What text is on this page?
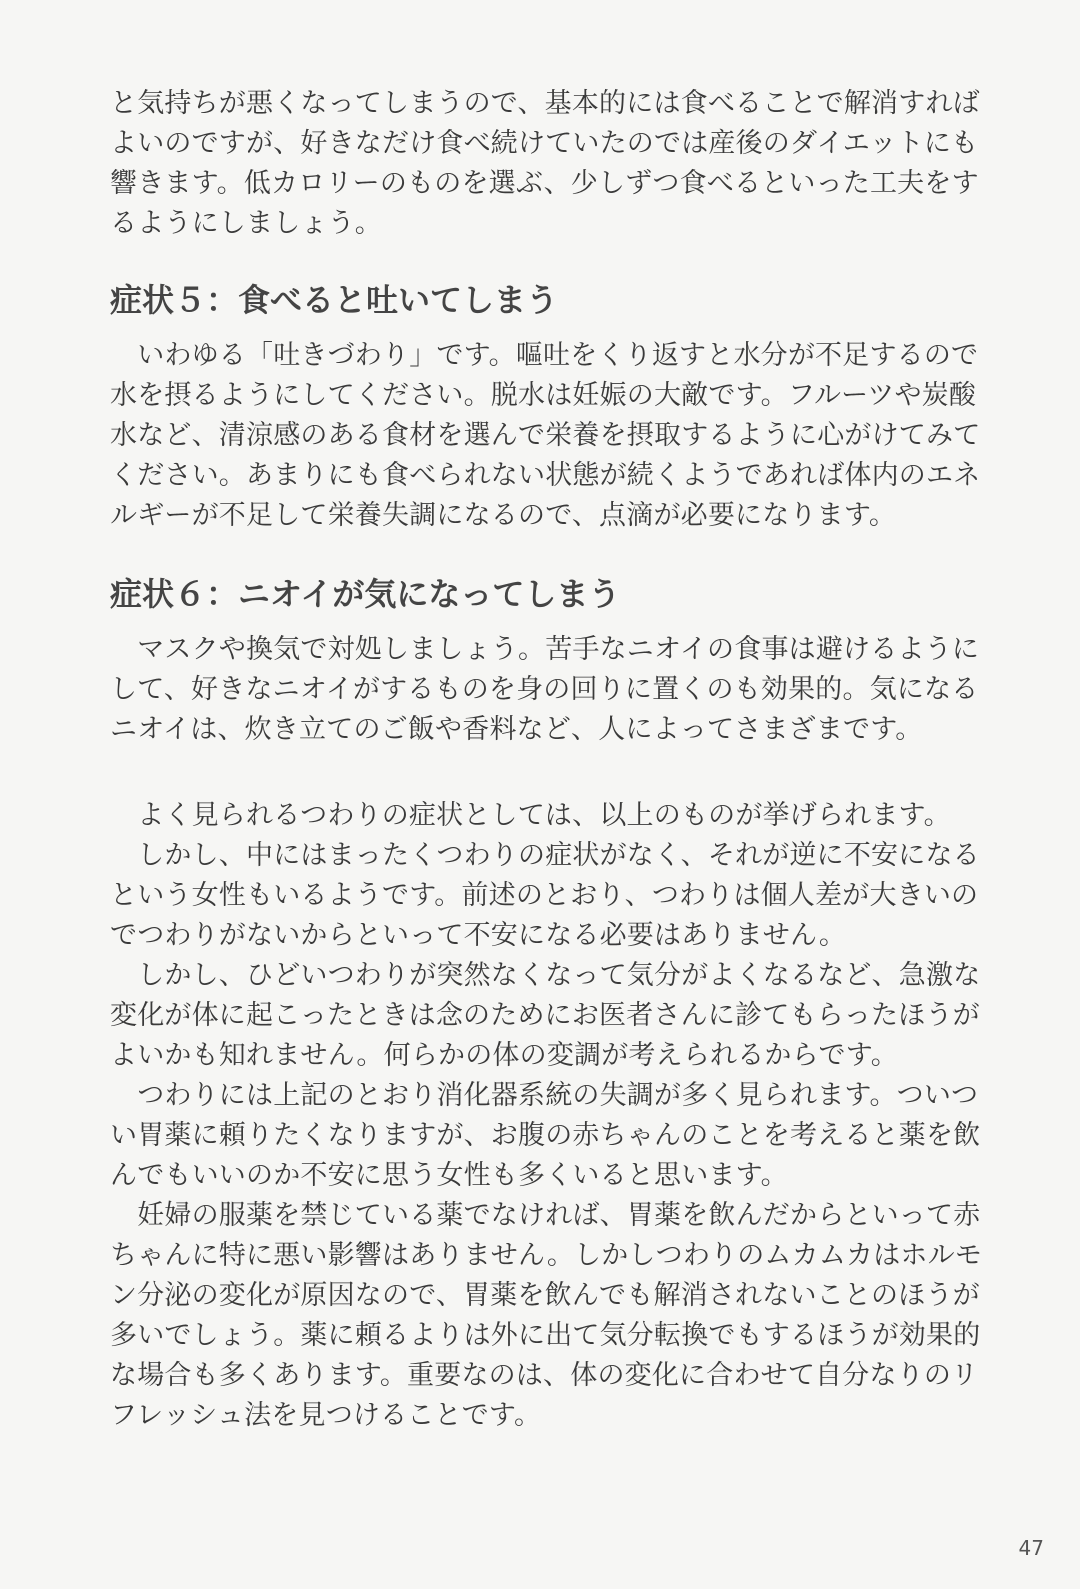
と気持ちが悪くなってしまうので、基本的には食べることで解消すれば
よいのですが、好きなだけ食べ続けていたのでは産後のダイエットにも
響きます。低カロリーのものを選ぶ、少しずつ食べるといった工夫をす
るようにしましょう。
症状５：食べると吐いてしまう
　いわゆる「吐きづわり」です。嘔吐をくり返すと水分が不足するので
水を摂るようにしてください。脱水は妊娠の大敵です。フルーツや炭酸
水など、清涼感のある食材を選んで栄養を摂取するように心がけてみて
ください。あまりにも食べられない状態が続くようであれば体内のエネ
ルギーが不足して栄養失調になるので、点滴が必要になります。
症状６：ニオイが気になってしまう
　マスクや換気で対処しましょう。苦手なニオイの食事は避けるように
して、好きなニオイがするものを身の回りに置くのも効果的。気になる
ニオイは、炊き立てのご飯や香料など、人によってさまざまです。
　よく見られるつわりの症状としては、以上のものが挙げられます。
　しかし、中にはまったくつわりの症状がなく、それが逆に不安になる
という女性もいるようです。前述のとおり、つわりは個人差が大きいの
でつわりがないからといって不安になる必要はありません。
　しかし、ひどいつわりが突然なくなって気分がよくなるなど、急激な
変化が体に起こったときは念のためにお医者さんに診てもらったほうが
よいかも知れません。何らかの体の変調が考えられるからです。
　つわりには上記のとおり消化器系統の失調が多く見られます。ついつ
い胃薬に頼りたくなりますが、お腹の赤ちゃんのことを考えると薬を飲
んでもいいのか不安に思う女性も多くいると思います。
　妊婦の服薬を禁じている薬でなければ、胃薬を飲んだからといって赤
ちゃんに特に悪い影響はありません。しかしつわりのムカムカはホルモ
ン分泌の変化が原因なので、胃薬を飲んでも解消されないことのほうが
多いでしょう。薬に頼るよりは外に出て気分転換でもするほうが効果的
な場合も多くあります。重要なのは、体の変化に合わせて自分なりのリ
フレッシュ法を見つけることです。
47
